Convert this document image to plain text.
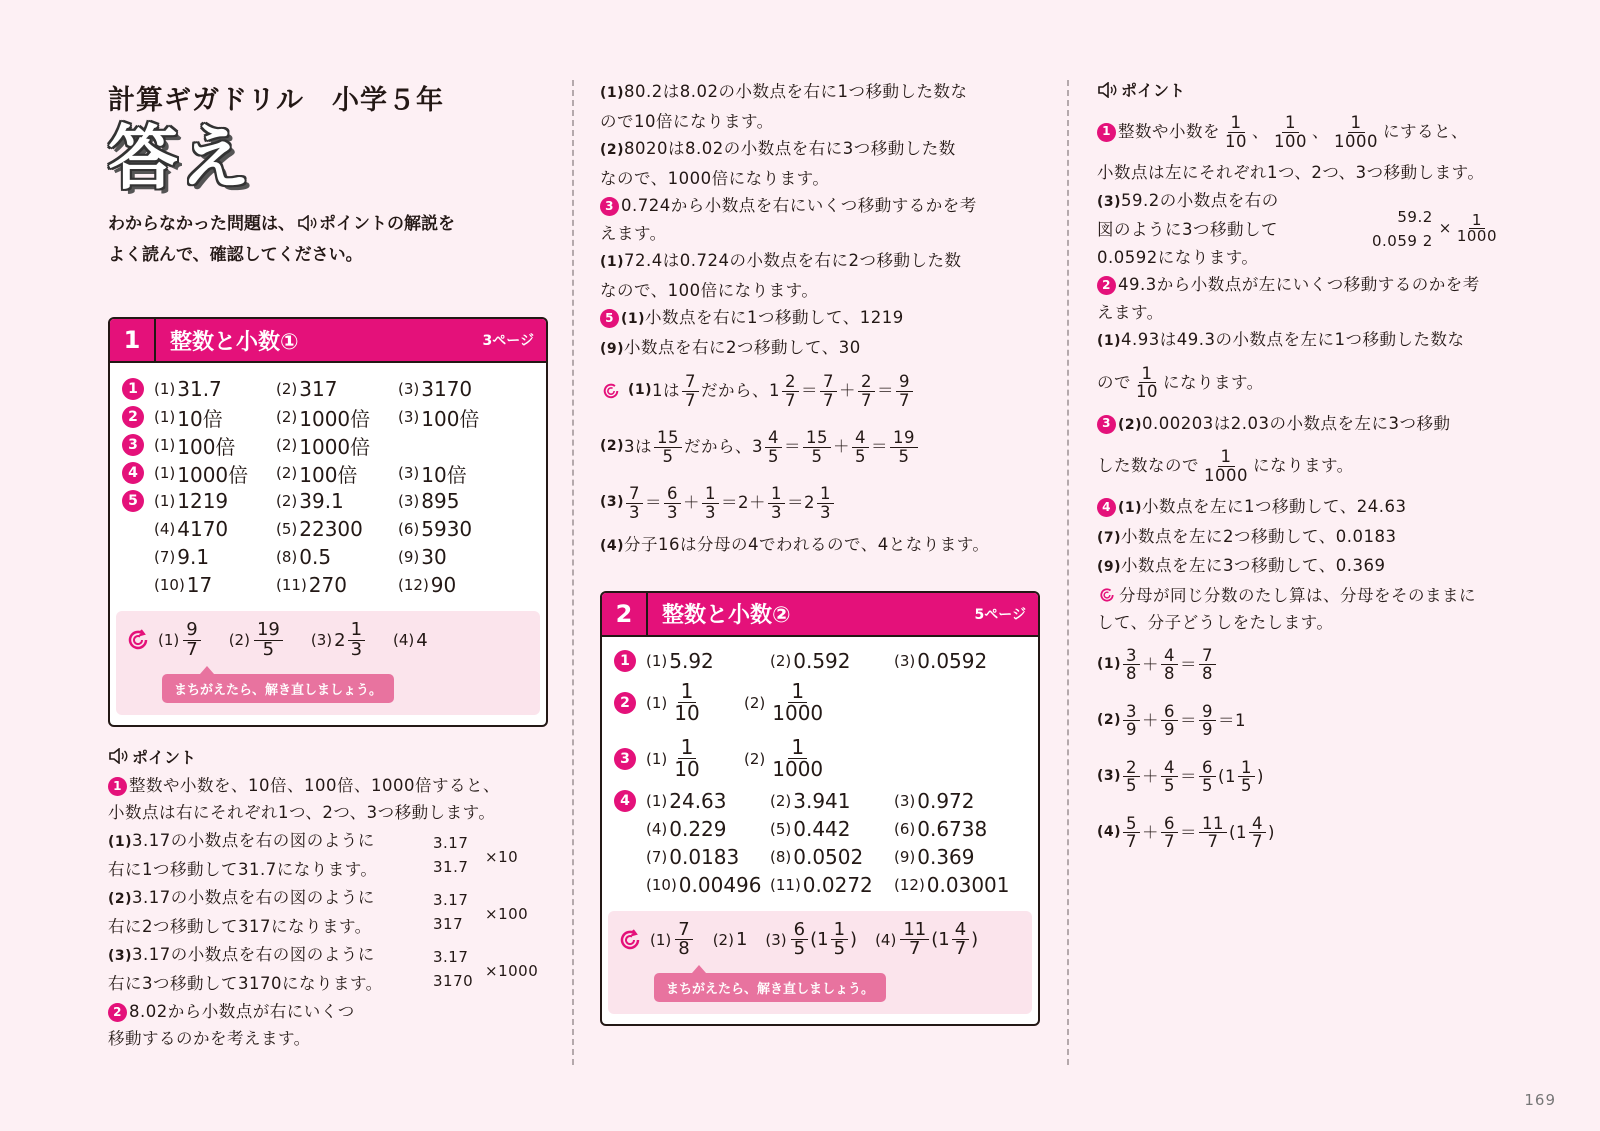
計算ギガドリル　小学５年
答え
わからなかった問題は、 ポイントの解説を
よく読んで、確認してください。
1	整数と小数①	3ページ
1	(1) 31.7	(2) 317	(3) 3170
2	(1) 10倍	(2) 1000倍 (3) 100倍
3	(1) 100倍	(2) 1000倍
4	(1) 1000倍 (2) 100倍	(3) 10倍
5	(1) 1219	(2) 39.1	(3) 895
(4) 4170	(5) 22300 (6) 5930
(7) 9.1	(8) 0.5	(9) 30
(10) 17	(11) 270	(12) 90
$(1) \frac{9}{7} (2) \frac{19}{5} (3)$ $2 \frac{1}{3} (4)$ 4
まちがえたら、解き直しましょう。
ポイント
1 整数や小数を、10倍、100倍、1000倍すると、
小数点は右にそれぞれ1つ、2つ、3つ移動します。
(1)3.17の小数点を右の図のように
右に1つ移動して31.7になります。
3.17
31.7
×10
(2)3.17の小数点を右の図のように
右に2つ移動して317になります。
3.17
317
×100
(3)3.17の小数点を右の図のように
右に3つ移動して3170になります。
3.17
3170
×1000
2 8.02から小数点が右にいくつ
移動するのかを考えます。
(1)80.2は8.02の小数点を右に1つ移動した数な
ので10倍になります。
(2)8020は8.02の小数点を右に3つ移動した数
なので、1000倍になります。
3 0.724から小数点を右にいくつ移動するかを考
えます。
(1)72.4は0.724の小数点を右に2つ移動した数
なので、100倍になります。
5 (1)小数点を右に1つ移動して、1219
(9)小数点を右に2つ移動して、30
(1) 1は $\frac{7}{7}$ だから、$1 \frac{2}{7} = \frac{7}{7} + \frac{2}{7} = \frac{9}{7}$
(2) 3は $\frac{15}{5}$ だから、$3 \frac{4}{5} = \frac{15}{5} + \frac{4}{5} = \frac{19}{5}$
$(3) \frac{7}{3} = \frac{6}{3} + \frac{1}{3} =2+ \frac{1}{3} =2 \frac{1}{3}$
(4)分子16は分母の4でわれるので、4となります。
2	整数と小数②	5ページ
1	(1) 5.92	(2) 0.592	(3) 0.0592
2	$(1) \frac{1}{10}$	$(2) \frac{1}{1000}$
3	$(1) \frac{1}{10}$	$(2) \frac{1}{1000}$
4	(1) 24.63	(2) 3.941	(3) 0.972
(4) 0.229	(5) 0.442	(6) 0.6738
(7) 0.0183 (8) 0.0502 (9) 0.369
(10) 0.00496 (11) 0.0272 (12) 0.03001
$(1) \frac{7}{8} (2)$ 1 $(3) \frac{6}{5} (1 \frac{1}{5}$ ) $(4) \frac{11}{7} (1 \frac{4}{7}$ )
まちがえたら、解き直しましょう。
ポイント
1 整数や小数を $\frac{1}{10}$ 、 $\frac{1}{100}$ 、 $\frac{1}{1000}$ にすると、
小数点は左にそれぞれ1つ、2つ、3つ移動します。
(3)59.2の小数点を右の
図のように3つ移動して
0.0592になります。
59.2
0.059 2
× $\frac{1}{1000}$
2 49.3から小数点が左にいくつ移動するのかを考
えます。
(1)4.93は49.3の小数点を左に1つ移動した数な
ので $\frac{1}{10}$ になります。
3 (2)0.00203は2.03の小数点を左に3つ移動
した数なので $\frac{1}{1000}$ になります。
4 (1)小数点を左に1つ移動して、24.63
(7)小数点を左に2つ移動して、0.0183
(9)小数点を左に3つ移動して、0.369
分母が同じ分数のたし算は、分母をそのままに
して、分子どうしをたします。
$(1) \frac{3}{8} + \frac{4}{8} = \frac{7}{8}$
$(2) \frac{3}{9} + \frac{6}{9} = \frac{9}{9} =1$
$(3) \frac{2}{5} + \frac{4}{5} = \frac{6}{5} (1 \frac{1}{5}$ )
$(4) \frac{5}{7} + \frac{6}{7} = \frac{11}{7} (1 \frac{4}{7}$ )
169
